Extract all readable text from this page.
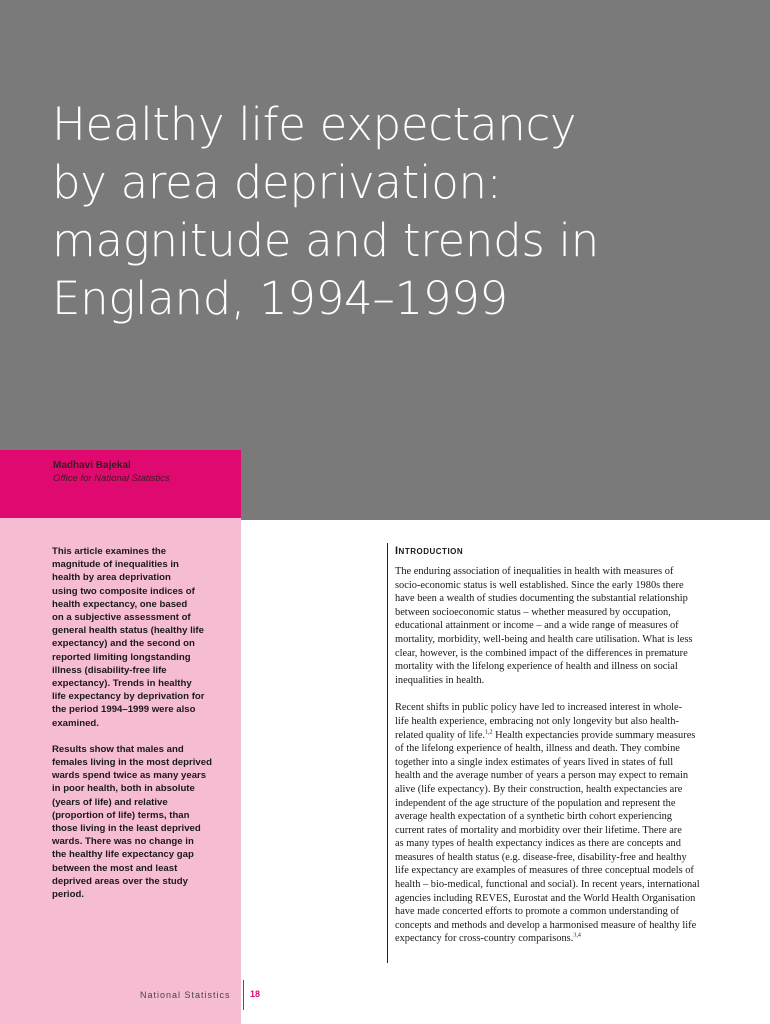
Healthy life expectancy
by area deprivation:
magnitude and trends in
England, 1994–1999

Madhavi Bajekal

Office for National Statistics

This article examines the

magnitude of inequalities in

health by area deprivation

using two composite indices of

health expectancy, one based

on a subjective assessment of

general health status (healthy life

expectancy) and the second on

reported limiting longstanding

illness (disability-free life

expectancy). Trends in healthy

life expectancy by deprivation for

the period 1994–1999 were also

examined.

Results show that males and

females living in the most deprived

wards spend twice as many years

in poor health, both in absolute

(years of life) and relative

(proportion of life) terms, than

those living in the least deprived

wards. There was no change in

the healthy life expectancy gap

between the most and least

deprived areas over the study

period.

Introduction

The enduring association of inequalities in health with measures of

socio-economic status is well established. Since the early 1980s there

have been a wealth of studies documenting the substantial relationship

between socioeconomic status – whether measured by occupation,

educational attainment or income – and a wide range of measures of

mortality, morbidity, well-being and health care utilisation. What is less

clear, however, is the combined impact of the differences in premature

mortality with the lifelong experience of health and illness on social

inequalities in health.

Recent shifts in public policy have led to increased interest in whole-

life health experience, embracing not only longevity but also health-

related quality of life.$^{1,2}$ Health expectancies provide summary measures

of the lifelong experience of health, illness and death. They combine

together into a single index estimates of years lived in states of full

health and the average number of years a person may expect to remain

alive (life expectancy). By their construction, health expectancies are

independent of the age structure of the population and represent the

average health expectation of a synthetic birth cohort experiencing

current rates of mortality and morbidity over their lifetime. There are

as many types of health expectancy indices as there are concepts and

measures of health status (e.g. disease-free, disability-free and healthy

life expectancy are examples of measures of three conceptual models of

health – bio-medical, functional and social). In recent years, international

agencies including REVES, Eurostat and the World Health Organisation

have made concerted efforts to promote a common understanding of

concepts and methods and develop a harmonised measure of healthy life

expectancy for cross-country comparisons.$^{3,4}$

National Statistics 18
